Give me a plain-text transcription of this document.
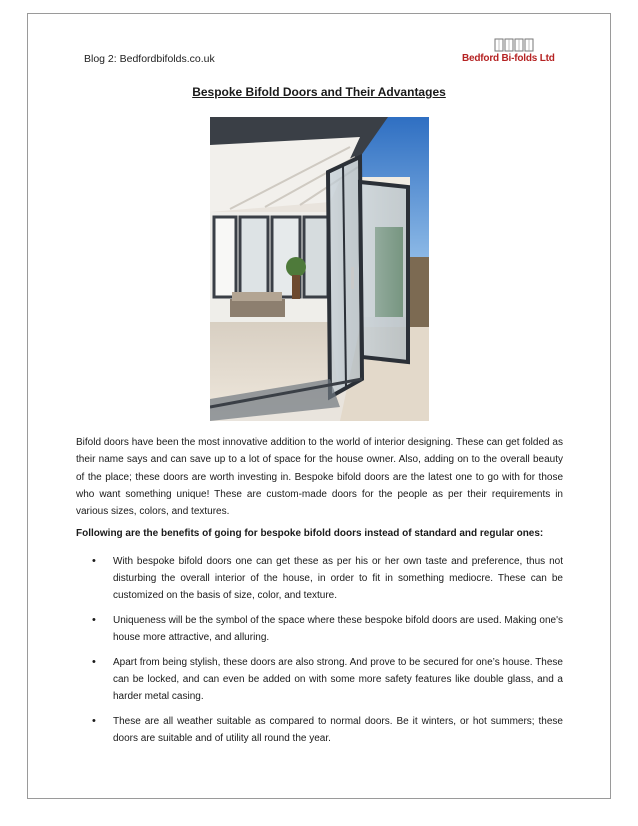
Blog 2: Bedfordbifolds.co.uk	Bedford Bi-folds Ltd
Bespoke Bifold Doors and Their Advantages

Bifold doors have been the most innovative addition to the world of interior designing. These can get folded as their name says and can save up to a lot of space for the house owner. Also, adding on to the overall beauty of the place; these doors are worth investing in. Bespoke bifold doors are the latest one to go with for those who want something unique! These are custom-made doors for the people as per their requirements in various sizes, colors, and textures.

Following are the benefits of going for bespoke bifold doors instead of standard and regular ones:

• With bespoke bifold doors one can get these as per his or her own taste and preference, thus not disturbing the overall interior of the house, in order to fit in something mediocre. These can be customized on the basis of size, color, and texture.
• Uniqueness will be the symbol of the space where these bespoke bifold doors are used. Making one's house more attractive, and alluring.
• Apart from being stylish, these doors are also strong. And prove to be secured for one’s house. These can be locked, and can even be added on with some more safety features like double glass, and a harder metal casing.
• These are all weather suitable as compared to normal doors. Be it winters, or hot summers; these doors are suitable and of utility all round the year.
